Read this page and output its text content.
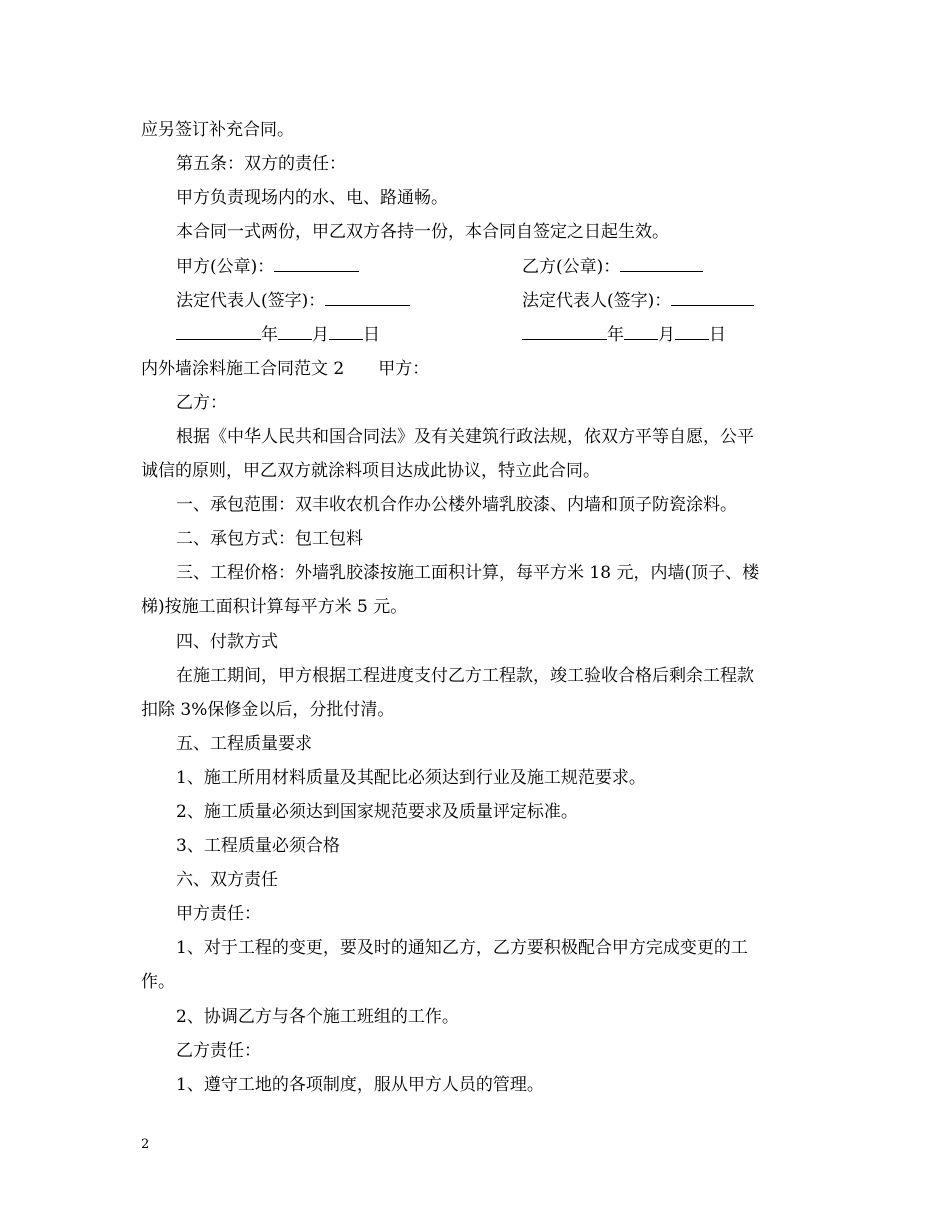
应另签订补充合同。
第五条：双方的责任：
甲方负责现场内的水、电、路通畅。
本合同一式两份，甲乙双方各持一份，本合同自签定之日起生效。
甲方(公章)：	乙方(公章)：
法定代表人(签字)：	法定代表人(签字)：
年 月 日	年 月 日
内外墙涂料施工合同范文 2　　甲方：
乙方：
根据《中华人民共和国合同法》及有关建筑行政法规，依双方平等自愿，公平
诚信的原则，甲乙双方就涂料项目达成此协议，特立此合同。
一、承包范围：双丰收农机合作办公楼外墙乳胶漆、内墙和顶子防瓷涂料。
二、承包方式：包工包料
三、工程价格：外墙乳胶漆按施工面积计算，每平方米 18 元，内墙(顶子、楼
梯)按施工面积计算每平方米 5 元。
四、付款方式
在施工期间，甲方根据工程进度支付乙方工程款，竣工验收合格后剩余工程款
扣除 3%保修金以后，分批付清。
五、工程质量要求
1、施工所用材料质量及其配比必须达到行业及施工规范要求。
2、施工质量必须达到国家规范要求及质量评定标准。
3、工程质量必须合格
六、双方责任
甲方责任：
1、对于工程的变更，要及时的通知乙方，乙方要积极配合甲方完成变更的工
作。
2、协调乙方与各个施工班组的工作。
乙方责任：
1、遵守工地的各项制度，服从甲方人员的管理。
2
